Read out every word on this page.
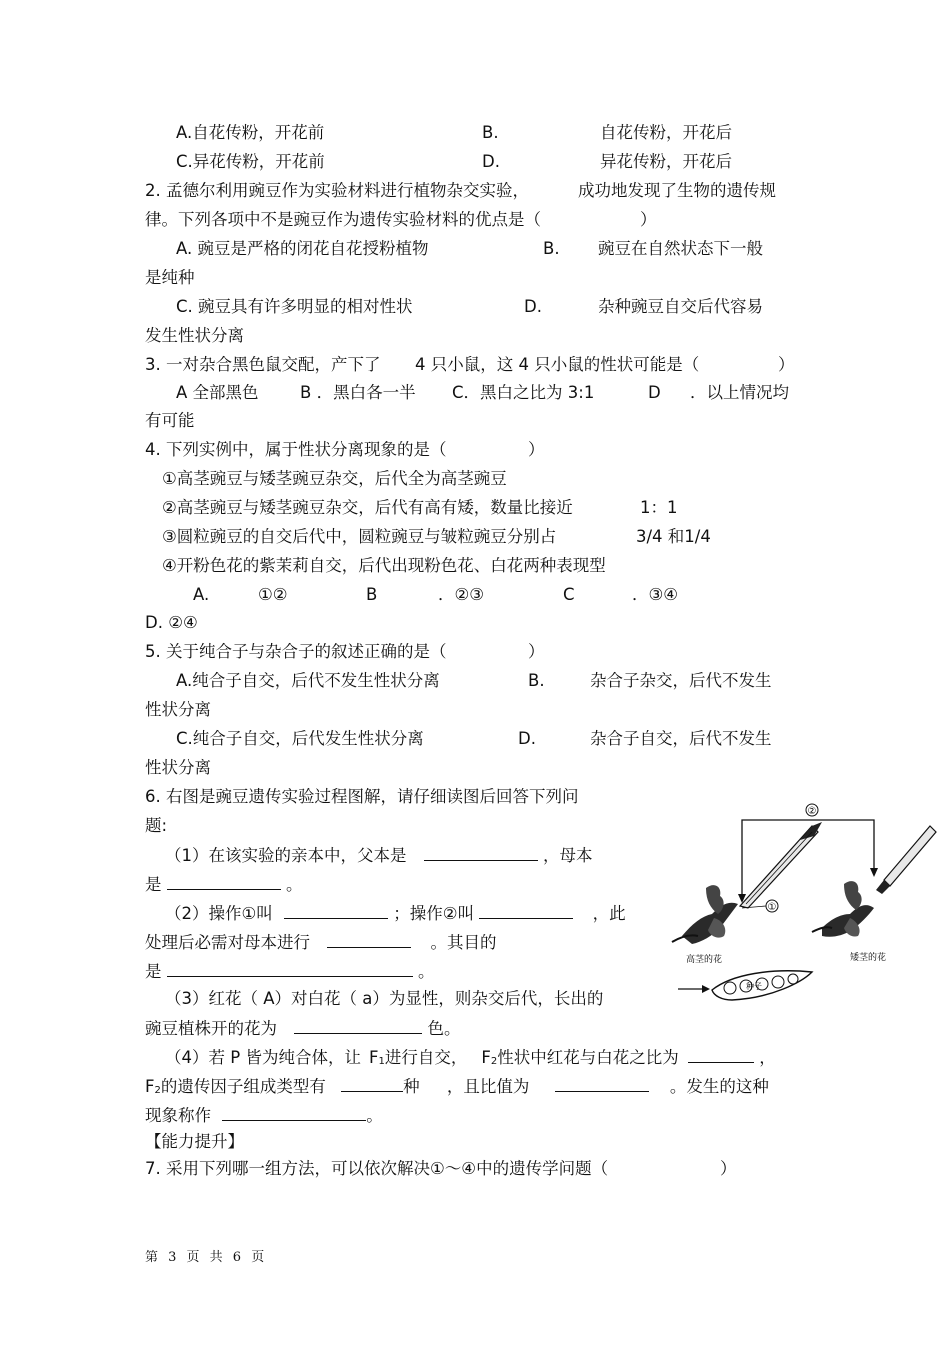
A.自花传粉，开花前	B.	自花传粉，开花后
C.异花传粉，开花前	D.	异花传粉，开花后
2. 孟德尔利用豌豆作为实验材料进行植物杂交实验，	成功地发现了生物的遗传规
律。下列各项中不是豌豆作为遗传实验材料的优点是（	）
A. 豌豆是严格的闭花自花授粉植物	B. 豌豆在自然状态下一般
是纯种
C. 豌豆具有许多明显的相对性状	D.	杂种豌豆自交后代容易
发生性状分离
3. 一对杂合黑色鼠交配，产下了 4 只小鼠，这 4 只小鼠的性状可能是（	）
A 全部黑色	B ．黑白各一半 C．黑白之比为 3:1	D ．以上情况均
有可能
4. 下列实例中，属于性状分离现象的是（	）
①高茎豌豆与矮茎豌豆杂交，后代全为高茎豌豆
②高茎豌豆与矮茎豌豆杂交，后代有高有矮，数量比接近	1：1
③圆粒豌豆的自交后代中，圆粒豌豆与皱粒豌豆分别占	3/4 和1/4
④开粉色花的紫茉莉自交，后代出现粉色花、白花两种表现型
A.	①②	B	．②③	C	．③④
D. ②④
5. 关于纯合子与杂合子的叙述正确的是（	）
A.纯合子自交，后代不发生性状分离	B.	杂合子杂交，后代不发生
性状分离
C.纯合子自交，后代发生性状分离	D.	杂合子自交，后代不发生
性状分离
6. 右图是豌豆遗传实验过程图解，请仔细读图后回答下列问
题:
（1）在该实验的亲本中，父本是	，母本
是	。
（2）操作①叫	；操作②叫	，此
处理后必需对母本进行	。其目的
是	。
（3）红花（ A）对白花（ a）为显性，则杂交后代，长出的
豌豆植株开的花为	色。
（4）若 P 皆为纯合体，让 $F_1$进行自交， $F_2$性状中红花与白花之比为	，
$F_2$的遗传因子组成类型有	种 ，且比值为	。发生的这种
现象称作	。
【能力提升】
7. 采用下列哪一组方法，可以依次解决①～④中的遗传学问题（	）
②
①
高茎的花	矮茎的花
种子
第 3 页 共 6 页
